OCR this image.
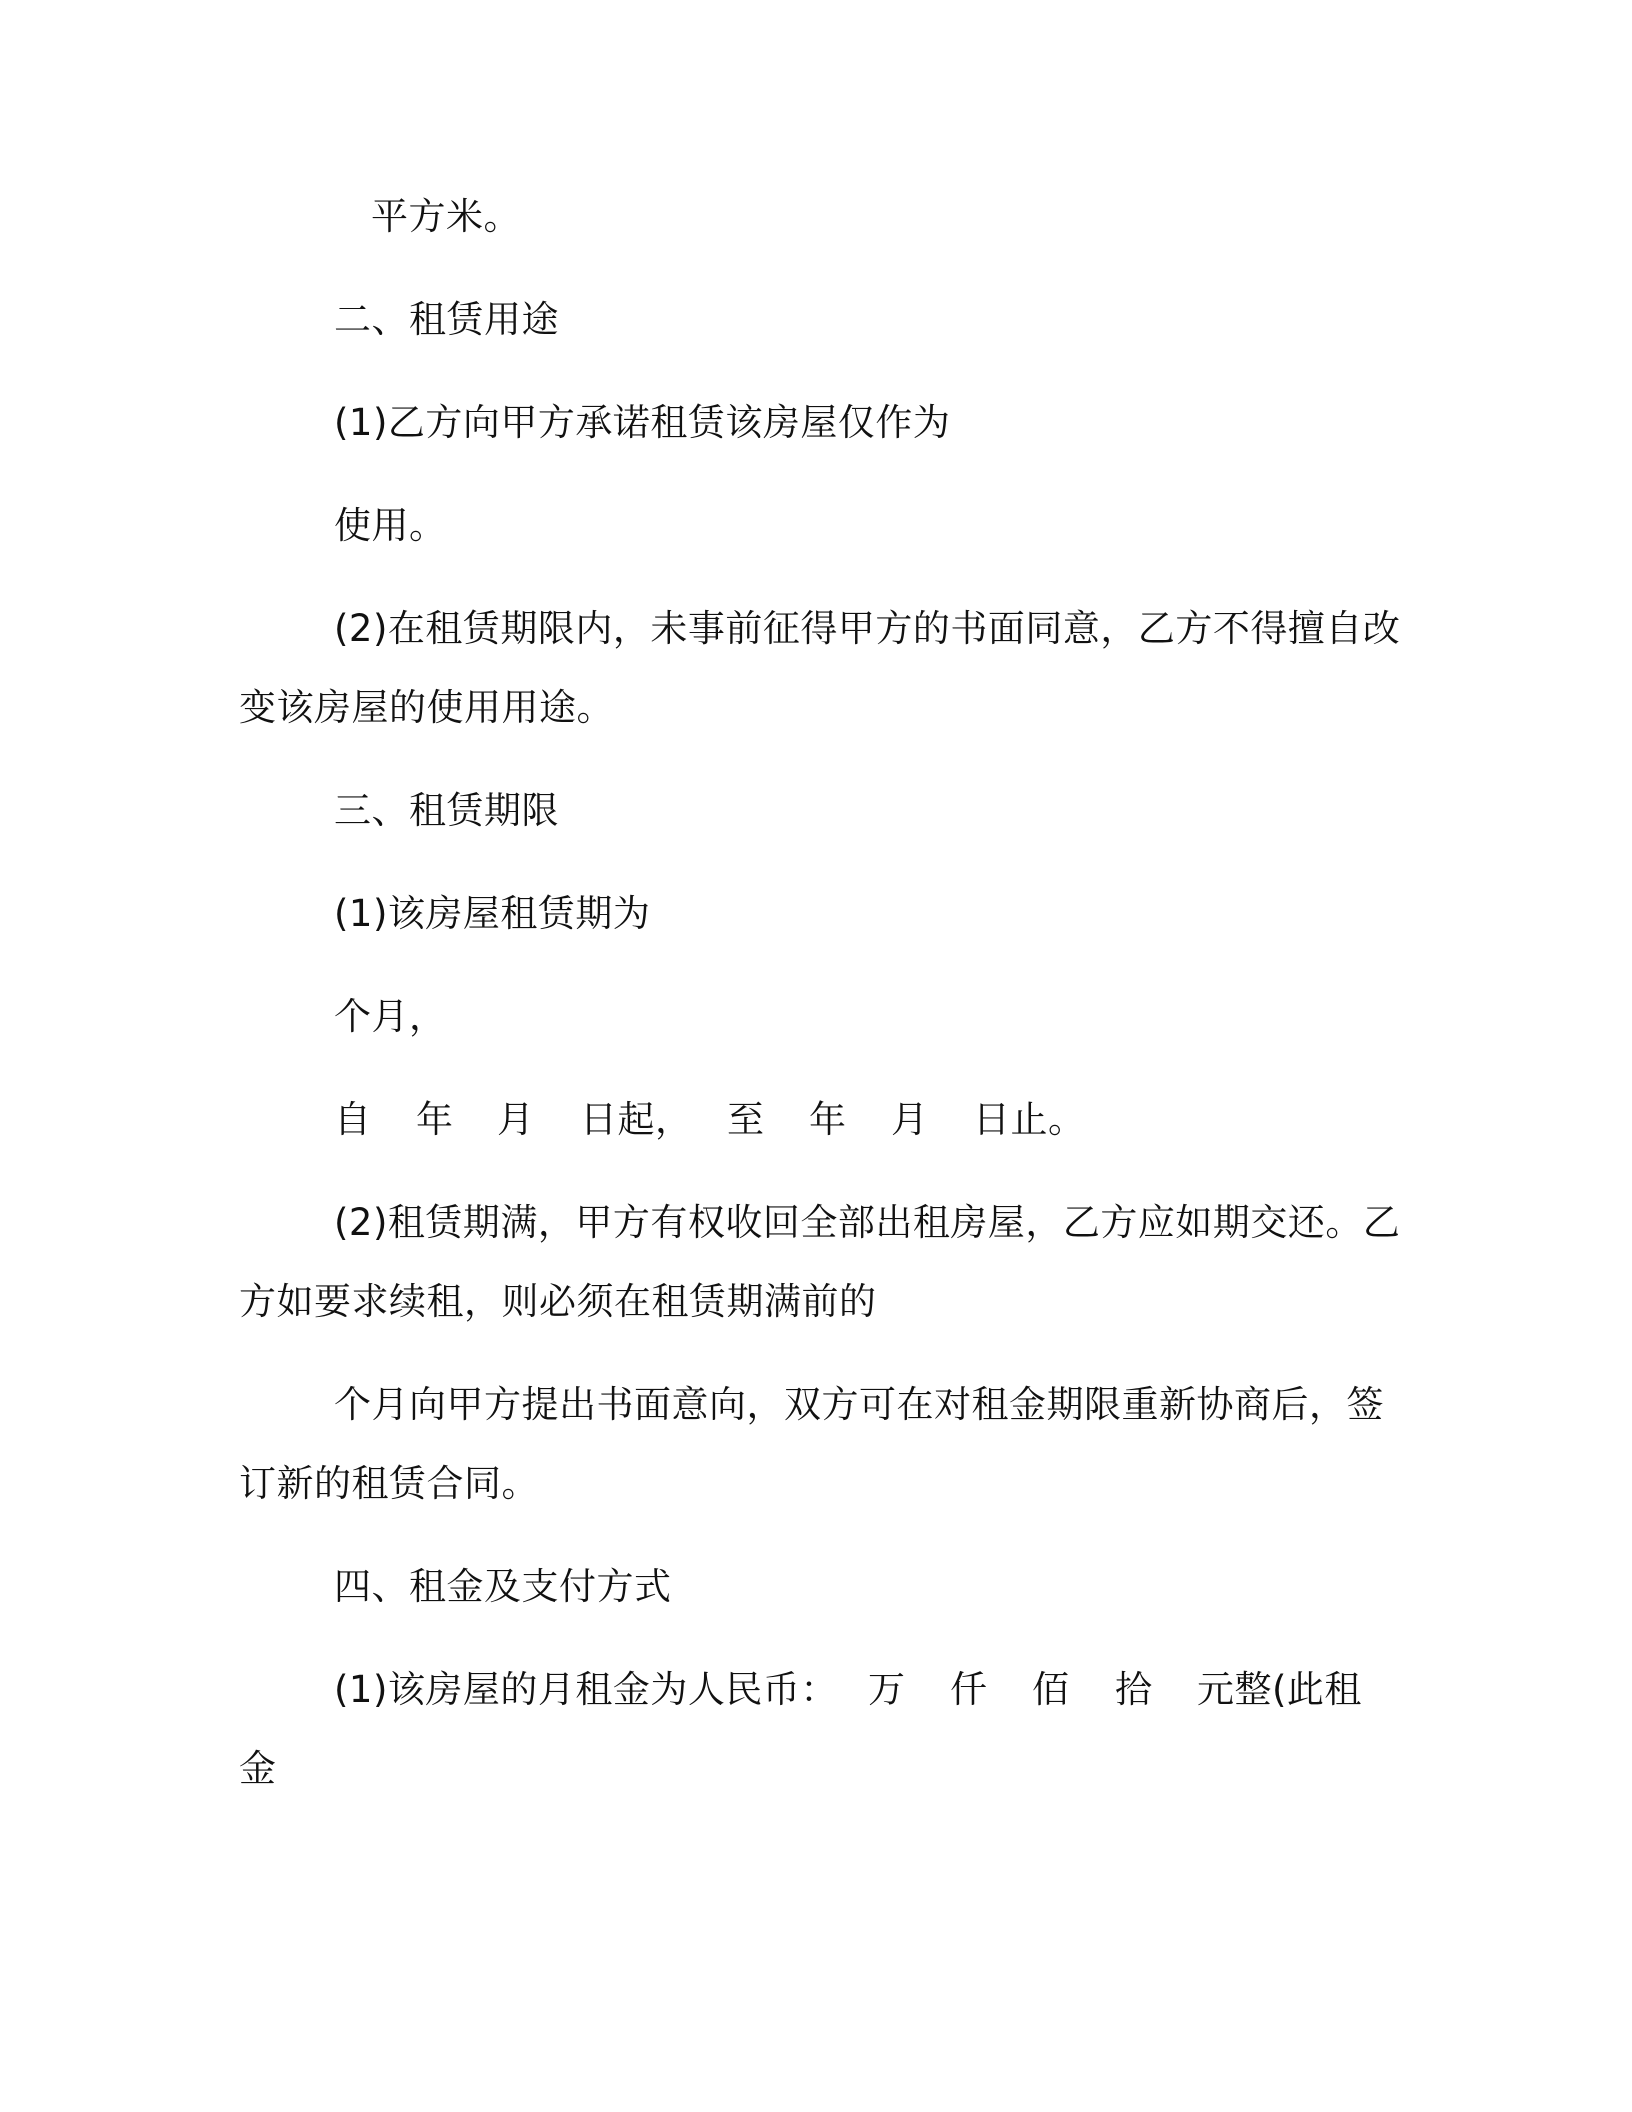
平方米。
二、租赁用途
(1)乙方向甲方承诺租赁该房屋仅作为
使用。
(2)在租赁期限内，未事前征得甲方的书面同意，乙方不得擅自改
变该房屋的使用用途。
三、租赁期限
(1)该房屋租赁期为
个月，
自 年 月 日起， 至 年 月 日止。
(2)租赁期满，甲方有权收回全部出租房屋，乙方应如期交还。乙
方如要求续租，则必须在租赁期满前的
个月向甲方提出书面意向，双方可在对租金期限重新协商后，签
订新的租赁合同。
四、租金及支付方式
(1)该房屋的月租金为人民币： 万 仟 佰 拾 元整(此租
金
